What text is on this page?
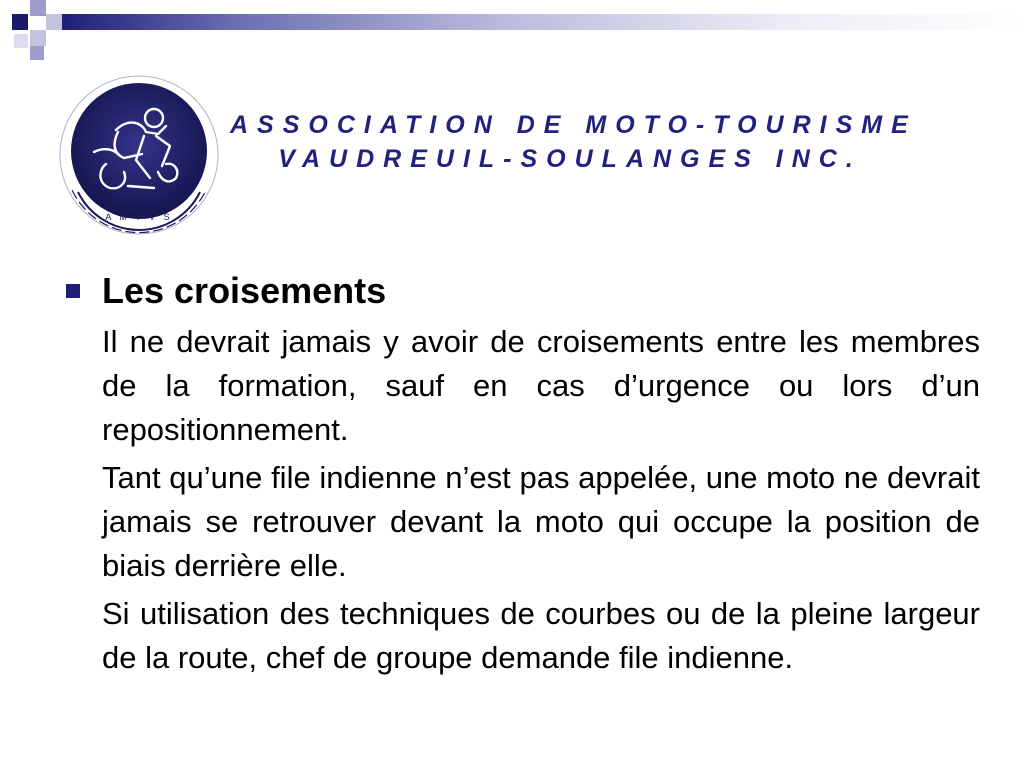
A M T V S
ASSOCIATION DE MOTO-TOURISME
VAUDREUIL-SOULANGES INC.
Les croisements
Il ne devrait jamais y avoir de croisements entre les membres de la formation, sauf en cas d’urgence ou lors d’un repositionnement.
Tant qu’une file indienne n’est pas appelée, une moto ne devrait jamais se retrouver devant la moto qui occupe la position de biais derrière elle.
Si utilisation des techniques de courbes ou de la pleine largeur de la route, chef de groupe demande file indienne.
